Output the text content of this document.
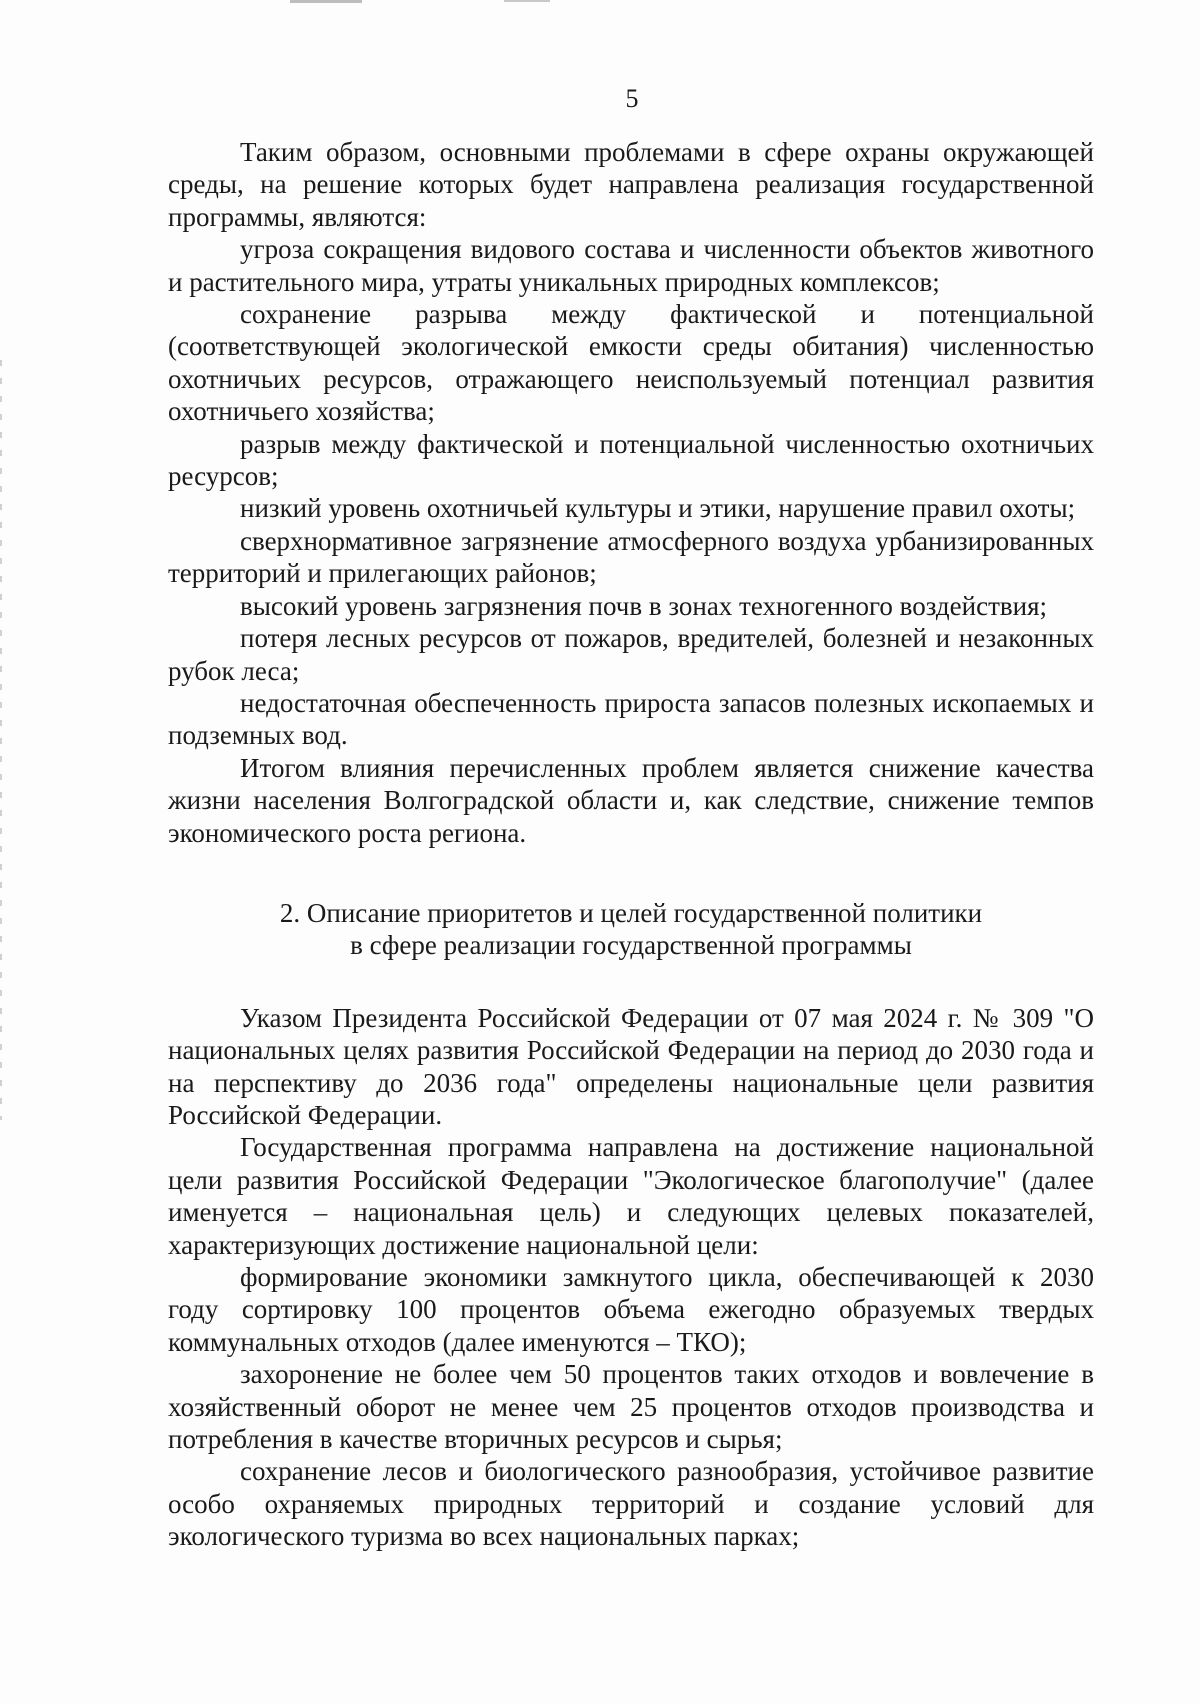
5

Таким образом, основными проблемами в сфере охраны окружающей среды, на решение которых будет направлена реализация государственной программы, являются:

угроза сокращения видового состава и численности объектов животного и растительного мира, утраты уникальных природных комплексов;

сохранение разрыва между фактической и потенциальной (соответствующей экологической емкости среды обитания) численностью охотничьих ресурсов, отражающего неиспользуемый потенциал развития охотничьего хозяйства;

разрыв между фактической и потенциальной численностью охотничьих ресурсов;

низкий уровень охотничьей культуры и этики, нарушение правил охоты;

сверхнормативное загрязнение атмосферного воздуха урбанизированных территорий и прилегающих районов;

высокий уровень загрязнения почв в зонах техногенного воздействия;

потеря лесных ресурсов от пожаров, вредителей, болезней и незаконных рубок леса;

недостаточная обеспеченность прироста запасов полезных ископаемых и подземных вод.

Итогом влияния перечисленных проблем является снижение качества жизни населения Волгоградской области и, как следствие, снижение темпов экономического роста региона.

2. Описание приоритетов и целей государственной политики
в сфере реализации государственной программы

Указом Президента Российской Федерации от 07 мая 2024 г. № 309 "О национальных целях развития Российской Федерации на период до 2030 года и на перспективу до 2036 года" определены национальные цели развития Российской Федерации.

Государственная программа направлена на достижение национальной цели развития Российской Федерации "Экологическое благополучие" (далее именуется – национальная цель) и следующих целевых показателей, характеризующих достижение национальной цели:

формирование экономики замкнутого цикла, обеспечивающей к 2030 году сортировку 100 процентов объема ежегодно образуемых твердых коммунальных отходов (далее именуются – ТКО);

захоронение не более чем 50 процентов таких отходов и вовлечение в хозяйственный оборот не менее чем 25 процентов отходов производства и потребления в качестве вторичных ресурсов и сырья;

сохранение лесов и биологического разнообразия, устойчивое развитие особо охраняемых природных территорий и создание условий для экологического туризма во всех национальных парках;
